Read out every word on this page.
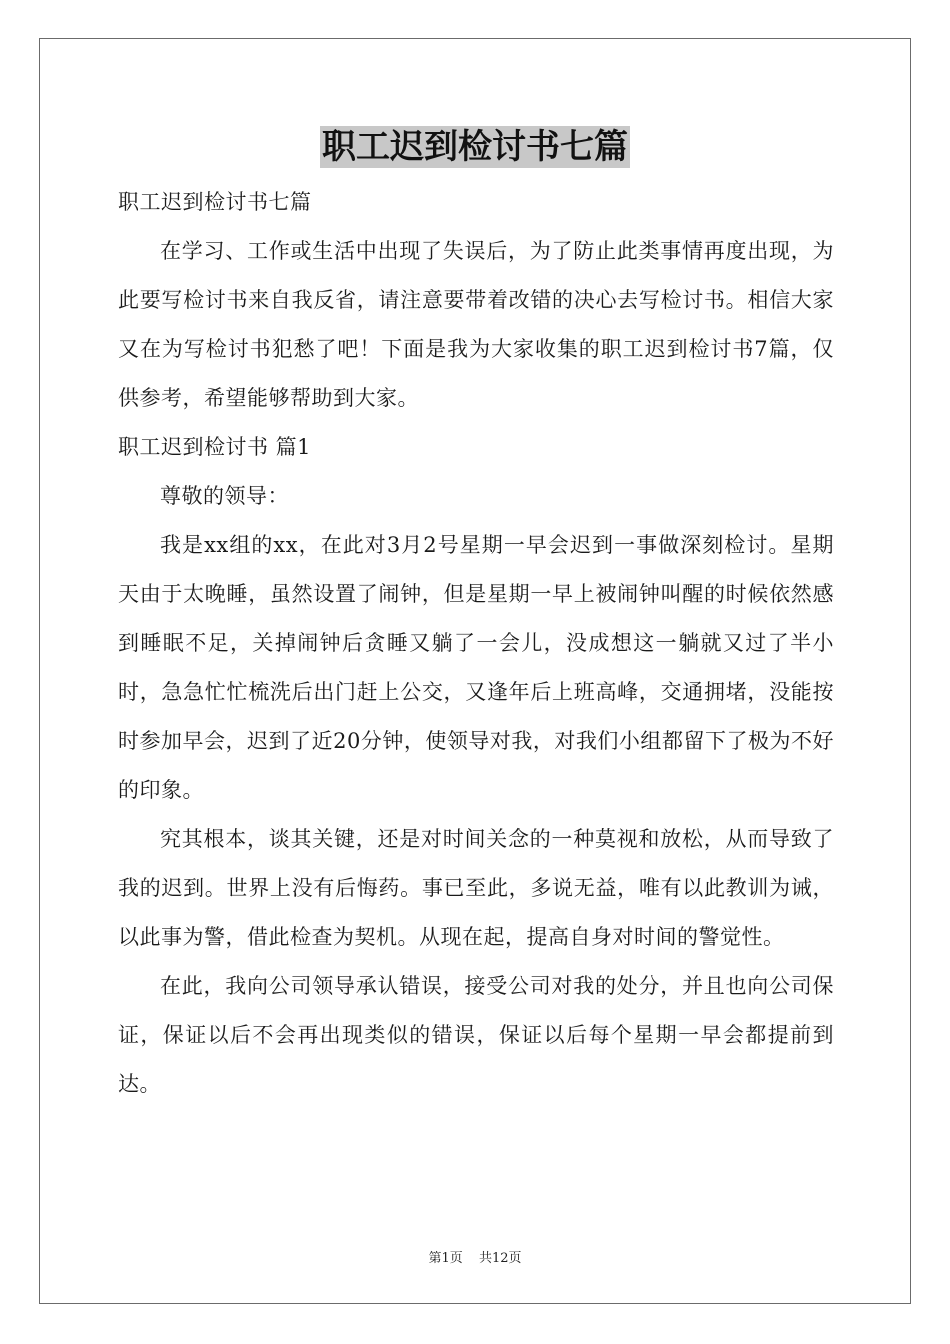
职工迟到检讨书七篇

职工迟到检讨书七篇

在学习、工作或生活中出现了失误后，为了防止此类事情再度出现，为此要写检讨书来自我反省，请注意要带着改错的决心去写检讨书。相信大家又在为写检讨书犯愁了吧！下面是我为大家收集的职工迟到检讨书7篇，仅供参考，希望能够帮助到大家。

职工迟到检讨书 篇1

尊敬的领导：

我是xx组的xx，在此对3月2号星期一早会迟到一事做深刻检讨。星期天由于太晚睡，虽然设置了闹钟，但是星期一早上被闹钟叫醒的时候依然感到睡眠不足，关掉闹钟后贪睡又躺了一会儿，没成想这一躺就又过了半小时，急急忙忙梳洗后出门赶上公交，又逢年后上班高峰，交通拥堵，没能按时参加早会，迟到了近20分钟，使领导对我，对我们小组都留下了极为不好的印象。

究其根本，谈其关键，还是对时间关念的一种莫视和放松，从而导致了我的迟到。世界上没有后悔药。事已至此，多说无益，唯有以此教训为诫，以此事为警，借此检查为契机。从现在起，提高自身对时间的警觉性。

在此，我向公司领导承认错误，接受公司对我的处分，并且也向公司保证，保证以后不会再出现类似的错误，保证以后每个星期一早会都提前到达。

第1页 共12页
